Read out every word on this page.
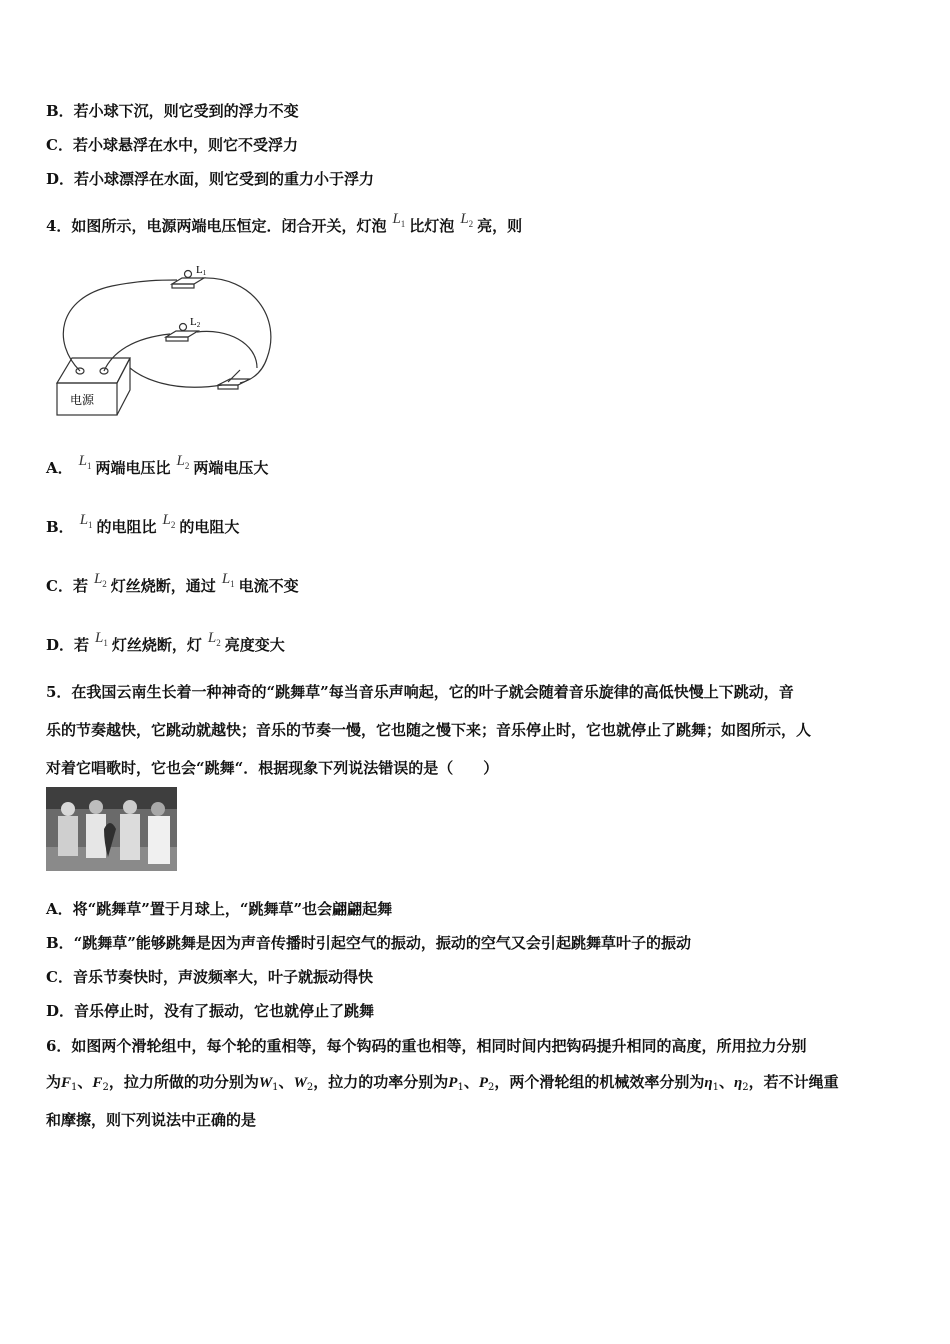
B．若小球下沉，则它受到的浮力不变
C．若小球悬浮在水中，则它不受浮力
D．若小球漂浮在水面，则它受到的重力小于浮力
4．如图所示，电源两端电压恒定．闭合开关，灯泡 $L_1$ 比灯泡 $L_2$ 亮，则
L1
L2
电源
A． $L_1$ 两端电压比 $L_2$ 两端电压大
B． $L_1$ 的电阻比 $L_2$ 的电阻大
C．若 $L_2$ 灯丝烧断，通过 $L_1$ 电流不变
D．若 $L_1$ 灯丝烧断，灯 $L_2$ 亮度变大
5．在我国云南生长着一种神奇的“跳舞草”每当音乐声响起，它的叶子就会随着音乐旋律的高低快慢上下跳动，音
乐的节奏越快，它跳动就越快；音乐的节奏一慢，它也随之慢下来；音乐停止时，它也就停止了跳舞；如图所示，人
对着它唱歌时，它也会“跳舞“．根据现象下列说法错误的是（　　）
A．将“跳舞草”置于月球上，“跳舞草”也会翩翩起舞
B．“跳舞草”能够跳舞是因为声音传播时引起空气的振动，振动的空气又会引起跳舞草叶子的振动
C．音乐节奏快时，声波频率大，叶子就振动得快
D．音乐停止时，没有了振动，它也就停止了跳舞
6．如图两个滑轮组中，每个轮的重相等，每个钩码的重也相等，相同时间内把钩码提升相同的高度，所用拉力分别
为$F_1$、$F_2$，拉力所做的功分别为$W_1$、$W_2$，拉力的功率分别为$P_1$、$P_2$，两个滑轮组的机械效率分别为$\eta_1$、$\eta_2$，若不计绳重
和摩擦，则下列说法中正确的是
